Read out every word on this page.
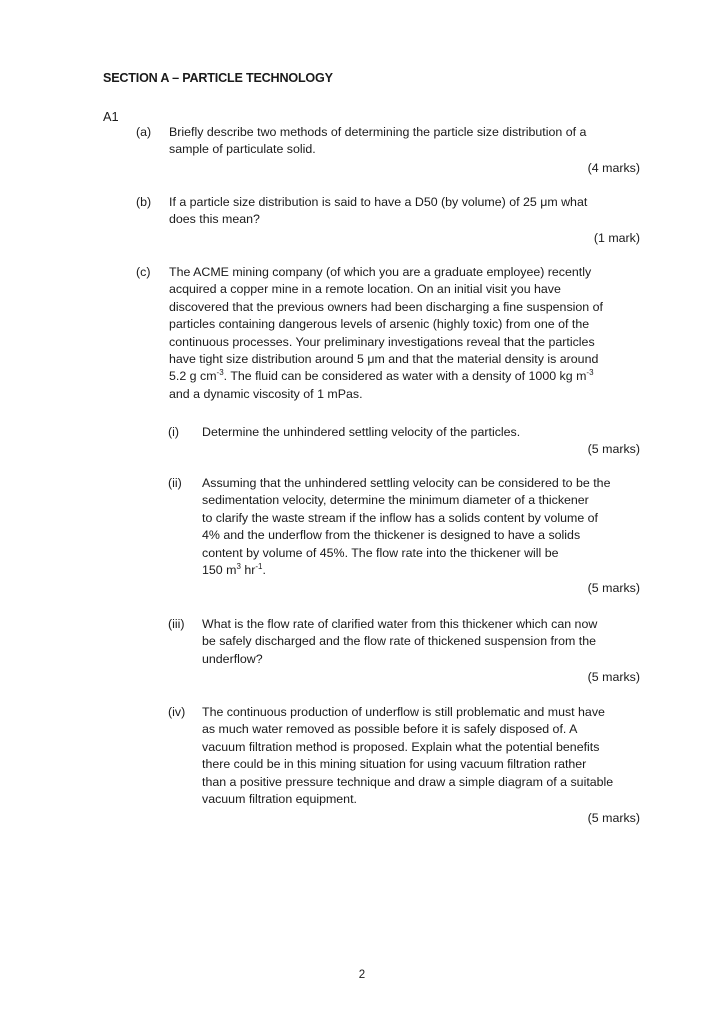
SECTION A – PARTICLE TECHNOLOGY
A1
(a) Briefly describe two methods of determining the particle size distribution of a
sample of particulate solid.
(4 marks)
(b) If a particle size distribution is said to have a D50 (by volume) of 25 μm what
does this mean?
(1 mark)
(c) The ACME mining company (of which you are a graduate employee) recently
acquired a copper mine in a remote location. On an initial visit you have
discovered that the previous owners had been discharging a fine suspension of
particles containing dangerous levels of arsenic (highly toxic) from one of the
continuous processes. Your preliminary investigations reveal that the particles
have tight size distribution around 5 μm and that the material density is around
5.2 g $cm^{-3}$. The fluid can be considered as water with a density of 1000 kg $m^{-3}$
and a dynamic viscosity of 1 mPas.
(i) Determine the unhindered settling velocity of the particles.
(5 marks)
(ii) Assuming that the unhindered settling velocity can be considered to be the
sedimentation velocity, determine the minimum diameter of a thickener
to clarify the waste stream if the inflow has a solids content by volume of
4% and the underflow from the thickener is designed to have a solids
content by volume of 45%. The flow rate into the thickener will be
150 $m^3$ $hr^{-1}$.
(5 marks)
(iii) What is the flow rate of clarified water from this thickener which can now
be safely discharged and the flow rate of thickened suspension from the
underflow?
(5 marks)
(iv) The continuous production of underflow is still problematic and must have
as much water removed as possible before it is safely disposed of. A
vacuum filtration method is proposed. Explain what the potential benefits
there could be in this mining situation for using vacuum filtration rather
than a positive pressure technique and draw a simple diagram of a suitable
vacuum filtration equipment.
(5 marks)
2
